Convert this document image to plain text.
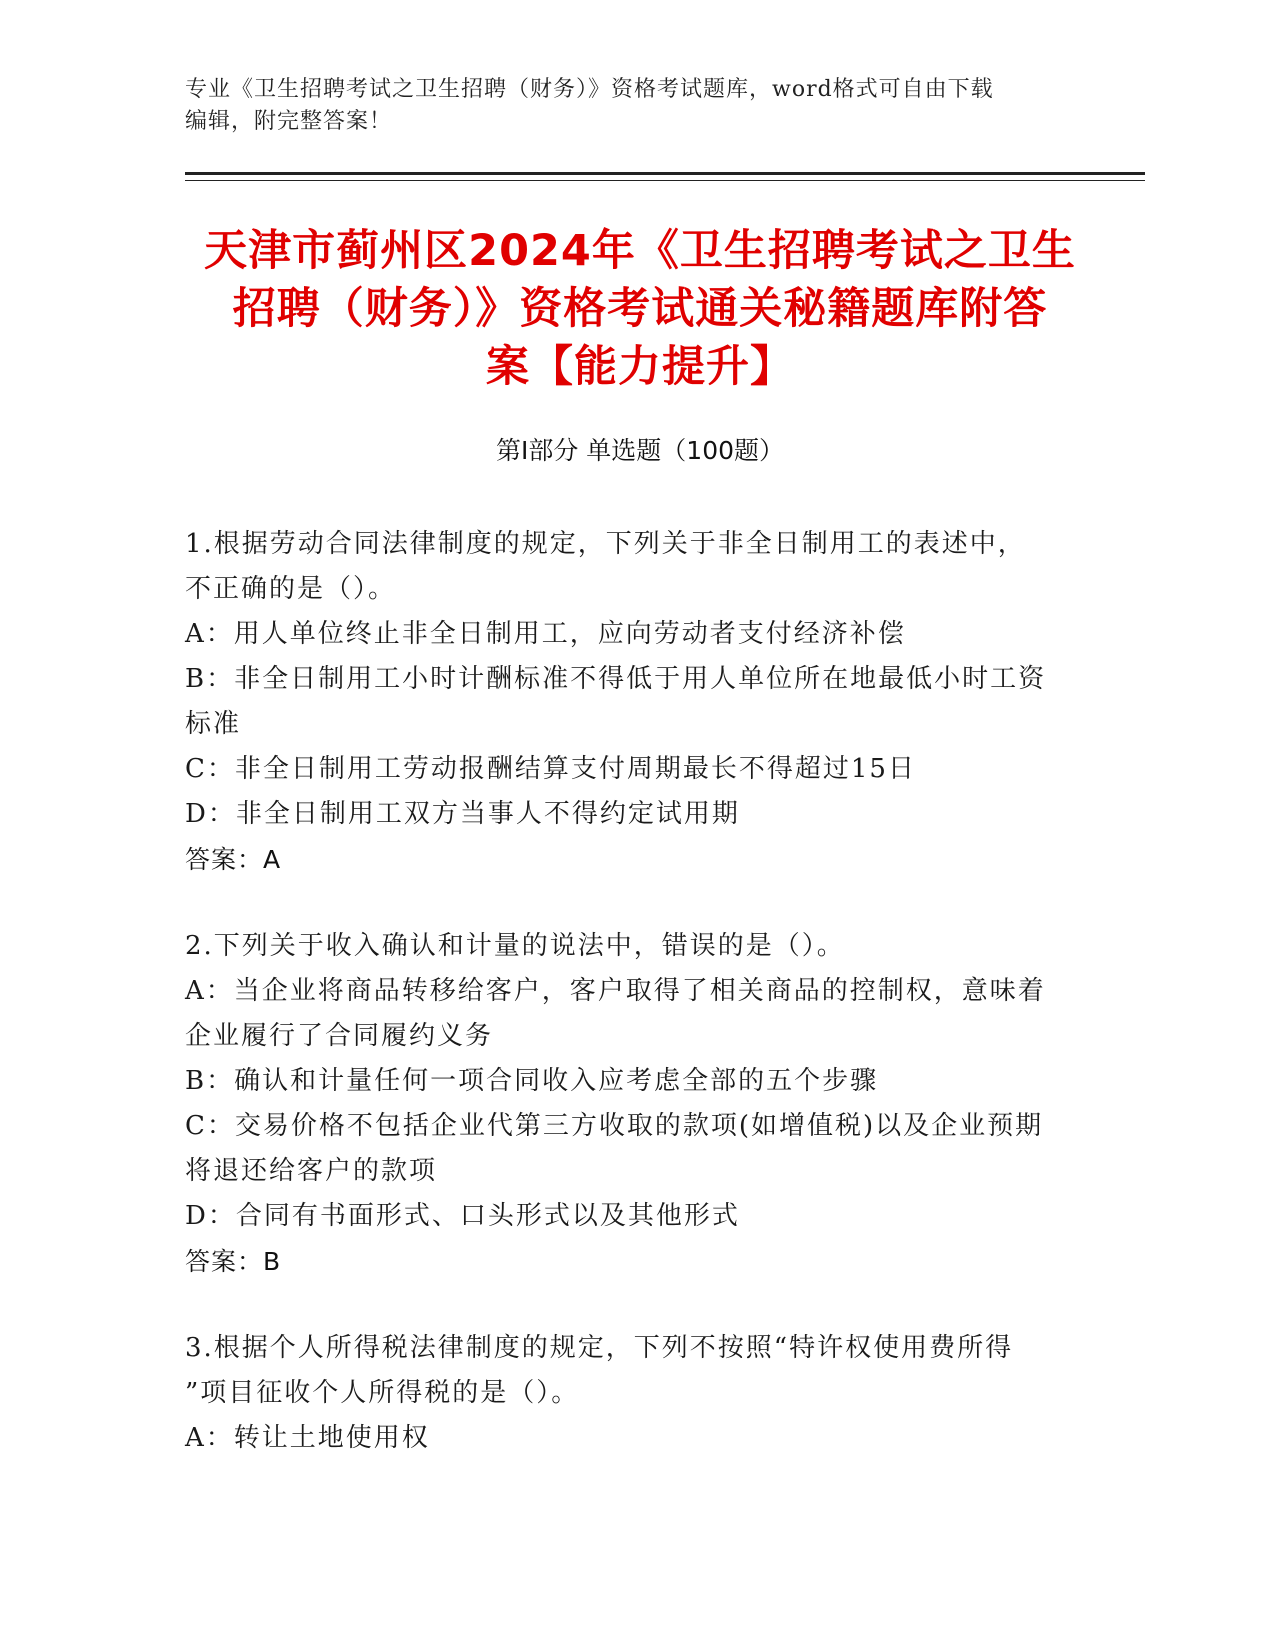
专业《卫生招聘考试之卫生招聘（财务）》资格考试题库，word格式可自由下载
编辑，附完整答案！
天津市蓟州区2024年《卫生招聘考试之卫生
招聘（财务）》资格考试通关秘籍题库附答
案【能力提升】
第Ⅰ部分 单选题（100题）
1.根据劳动合同法律制度的规定，下列关于非全日制用工的表述中，
不正确的是（）。
A：用人单位终止非全日制用工，应向劳动者支付经济补偿
B：非全日制用工小时计酬标准不得低于用人单位所在地最低小时工资
标准
C：非全日制用工劳动报酬结算支付周期最长不得超过15日
D：非全日制用工双方当事人不得约定试用期
答案：A
2.下列关于收入确认和计量的说法中，错误的是（）。
A：当企业将商品转移给客户，客户取得了相关商品的控制权，意味着
企业履行了合同履约义务
B：确认和计量任何一项合同收入应考虑全部的五个步骤
C：交易价格不包括企业代第三方收取的款项(如增值税)以及企业预期
将退还给客户的款项
D：合同有书面形式、口头形式以及其他形式
答案：B
3.根据个人所得税法律制度的规定，下列不按照“特许权使用费所得
”项目征收个人所得税的是（）。
A：转让土地使用权
